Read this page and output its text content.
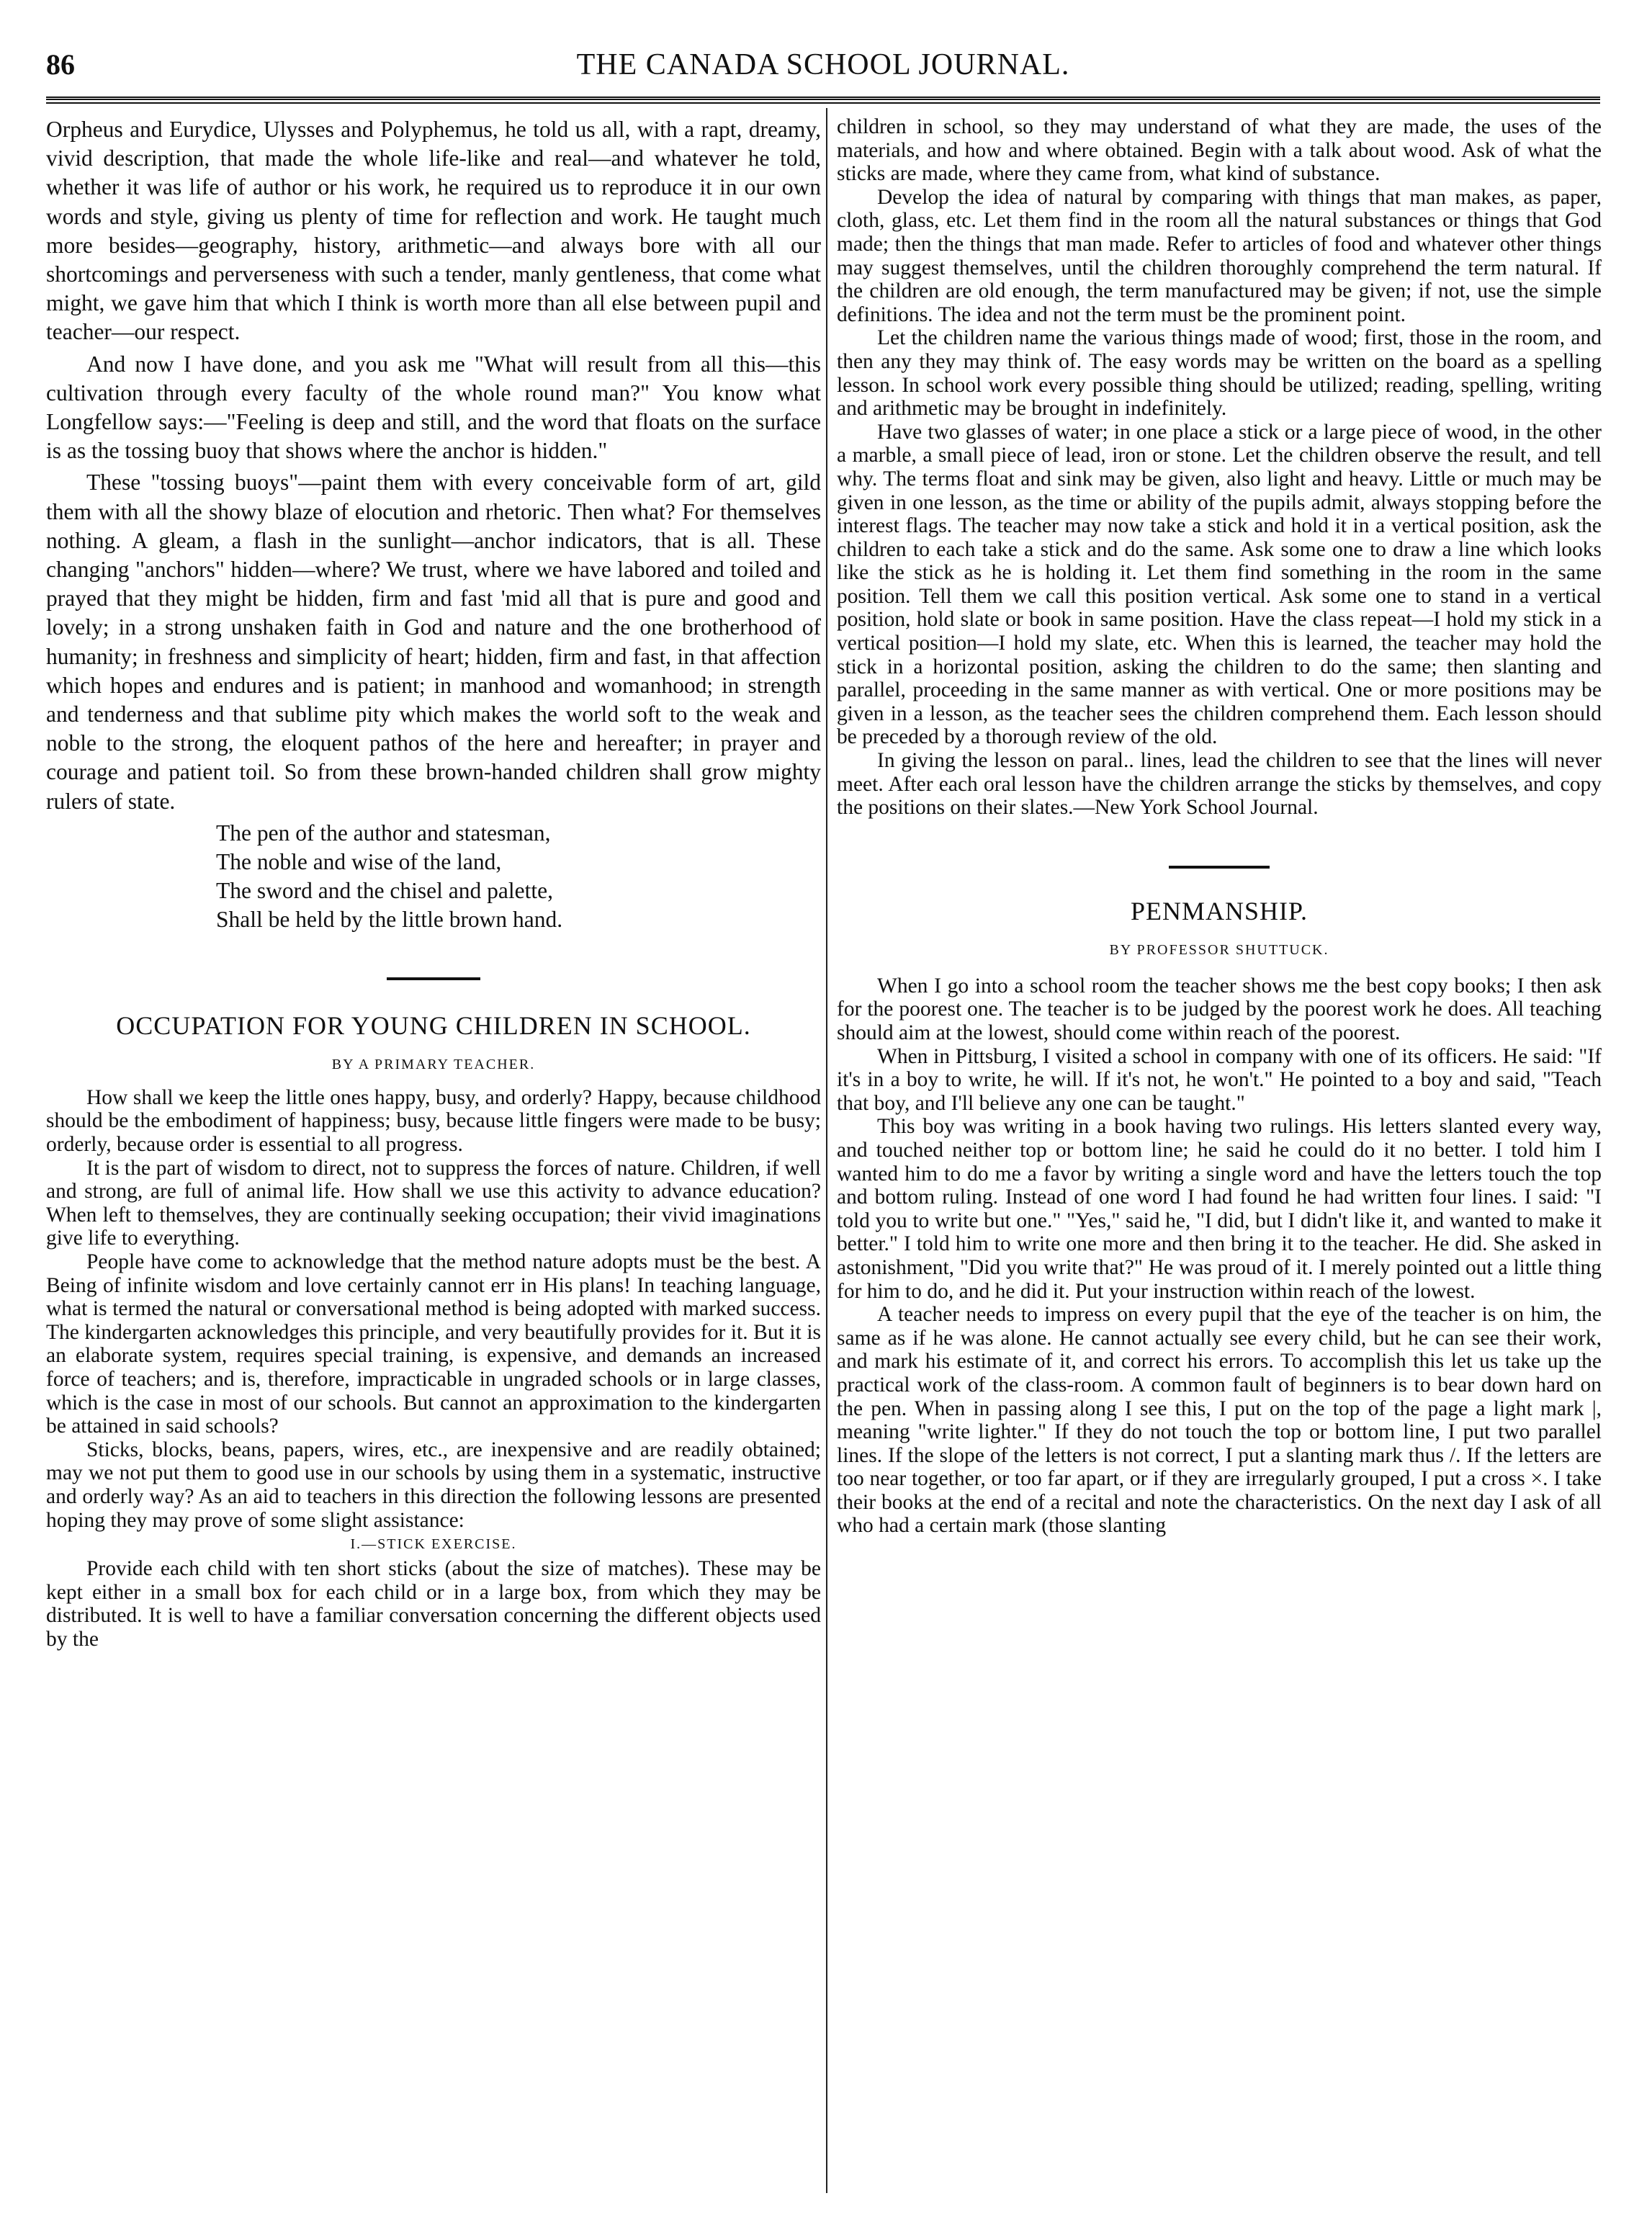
86	THE CANADA SCHOOL JOURNAL.

Orpheus and Eurydice, Ulysses and Polyphemus, he told us all, with a rapt, dreamy, vivid description, that made the whole life-like and real—and whatever he told, whether it was life of author or his work, he required us to reproduce it in our own words and style, giving us plenty of time for reflection and work. He taught much more besides—geography, history, arithmetic—and always bore with all our shortcomings and perverseness with such a tender, manly gentleness, that come what might, we gave him that which I think is worth more than all else between pupil and teacher—our respect.

And now I have done, and you ask me "What will result from all this—this cultivation through every faculty of the whole round man?" You know what Longfellow says:—"Feeling is deep and still, and the word that floats on the surface is as the tossing buoy that shows where the anchor is hidden."

These "tossing buoys"—paint them with every conceivable form of art, gild them with all the showy blaze of elocution and rhetoric. Then what? For themselves nothing. A gleam, a flash in the sunlight—anchor indicators, that is all. These changing "anchors" hidden—where? We trust, where we have labored and toiled and prayed that they might be hidden, firm and fast 'mid all that is pure and good and lovely; in a strong unshaken faith in God and nature and the one brotherhood of humanity; in freshness and simplicity of heart; hidden, firm and fast, in that affection which hopes and endures and is patient; in manhood and womanhood; in strength and tenderness and that sublime pity which makes the world soft to the weak and noble to the strong, the eloquent pathos of the here and hereafter; in prayer and courage and patient toil. So from these brown-handed children shall grow mighty rulers of state.

The pen of the author and statesman,
The noble and wise of the land,
The sword and the chisel and palette,
Shall be held by the little brown hand.
OCCUPATION FOR YOUNG CHILDREN IN SCHOOL.
BY A PRIMARY TEACHER.

How shall we keep the little ones happy, busy, and orderly? Happy, because childhood should be the embodiment of happiness; busy, because little fingers were made to be busy; orderly, because order is essential to all progress.

It is the part of wisdom to direct, not to suppress the forces of nature. Children, if well and strong, are full of animal life. How shall we use this activity to advance education? When left to themselves, they are continually seeking occupation; their vivid imaginations give life to everything.

People have come to acknowledge that the method nature adopts must be the best. A Being of infinite wisdom and love certainly cannot err in His plans! In teaching language, what is termed the natural or conversational method is being adopted with marked success. The kindergarten acknowledges this principle, and very beautifully provides for it. But it is an elaborate system, requires special training, is expensive, and demands an increased force of teachers; and is, therefore, impracticable in ungraded schools or in large classes, which is the case in most of our schools. But cannot an approximation to the kindergarten be attained in said schools?

Sticks, blocks, beans, papers, wires, etc., are inexpensive and are readily obtained; may we not put them to good use in our schools by using them in a systematic, instructive and orderly way? As an aid to teachers in this direction the following lessons are presented hoping they may prove of some slight assistance:

I.—STICK EXERCISE.

Provide each child with ten short sticks (about the size of matches). These may be kept either in a small box for each child or in a large box, from which they may be distributed. It is well to have a familiar conversation concerning the different objects used by the

children in school, so they may understand of what they are made, the uses of the materials, and how and where obtained. Begin with a talk about wood. Ask of what the sticks are made, where they came from, what kind of substance.

Develop the idea of natural by comparing with things that man makes, as paper, cloth, glass, etc. Let them find in the room all the natural substances or things that God made; then the things that man made. Refer to articles of food and whatever other things may suggest themselves, until the children thoroughly comprehend the term natural. If the children are old enough, the term manufactured may be given; if not, use the simple definitions. The idea and not the term must be the prominent point.

Let the children name the various things made of wood; first, those in the room, and then any they may think of. The easy words may be written on the board as a spelling lesson. In school work every possible thing should be utilized; reading, spelling, writing and arithmetic may be brought in indefinitely.

Have two glasses of water; in one place a stick or a large piece of wood, in the other a marble, a small piece of lead, iron or stone. Let the children observe the result, and tell why. The terms float and sink may be given, also light and heavy. Little or much may be given in one lesson, as the time or ability of the pupils admit, always stopping before the interest flags. The teacher may now take a stick and hold it in a vertical position, ask the children to each take a stick and do the same. Ask some one to draw a line which looks like the stick as he is holding it. Let them find something in the room in the same position. Tell them we call this position vertical. Ask some one to stand in a vertical position, hold slate or book in same position. Have the class repeat—I hold my stick in a vertical position—I hold my slate, etc. When this is learned, the teacher may hold the stick in a horizontal position, asking the children to do the same; then slanting and parallel, proceeding in the same manner as with vertical. One or more positions may be given in a lesson, as the teacher sees the children comprehend them. Each lesson should be preceded by a thorough review of the old.

In giving the lesson on paral.. lines, lead the children to see that the lines will never meet. After each oral lesson have the children arrange the sticks by themselves, and copy the positions on their slates.—New York School Journal.

PENMANSHIP.
BY PROFESSOR SHUTTUCK.

When I go into a school room the teacher shows me the best copy books; I then ask for the poorest one. The teacher is to be judged by the poorest work he does. All teaching should aim at the lowest, should come within reach of the poorest.

When in Pittsburg, I visited a school in company with one of its officers. He said: "If it's in a boy to write, he will. If it's not, he won't." He pointed to a boy and said, "Teach that boy, and I'll believe any one can be taught."

This boy was writing in a book having two rulings. His letters slanted every way, and touched neither top or bottom line; he said he could do it no better. I told him I wanted him to do me a favor by writing a single word and have the letters touch the top and bottom ruling. Instead of one word I had found he had written four lines. I said: "I told you to write but one." "Yes," said he, "I did, but I didn't like it, and wanted to make it better." I told him to write one more and then bring it to the teacher. He did. She asked in astonishment, "Did you write that?" He was proud of it. I merely pointed out a little thing for him to do, and he did it. Put your instruction within reach of the lowest.

A teacher needs to impress on every pupil that the eye of the teacher is on him, the same as if he was alone. He cannot actually see every child, but he can see their work, and mark his estimate of it, and correct his errors. To accomplish this let us take up the practical work of the class-room. A common fault of beginners is to bear down hard on the pen. When in passing along I see this, I put on the top of the page a light mark |, meaning "write lighter." If they do not touch the top or bottom line, I put two parallel lines. If the slope of the letters is not correct, I put a slanting mark thus /. If the letters are too near together, or too far apart, or if they are irregularly grouped, I put a cross ×. I take their books at the end of a recital and note the characteristics. On the next day I ask of all who had a certain mark (those slanting
